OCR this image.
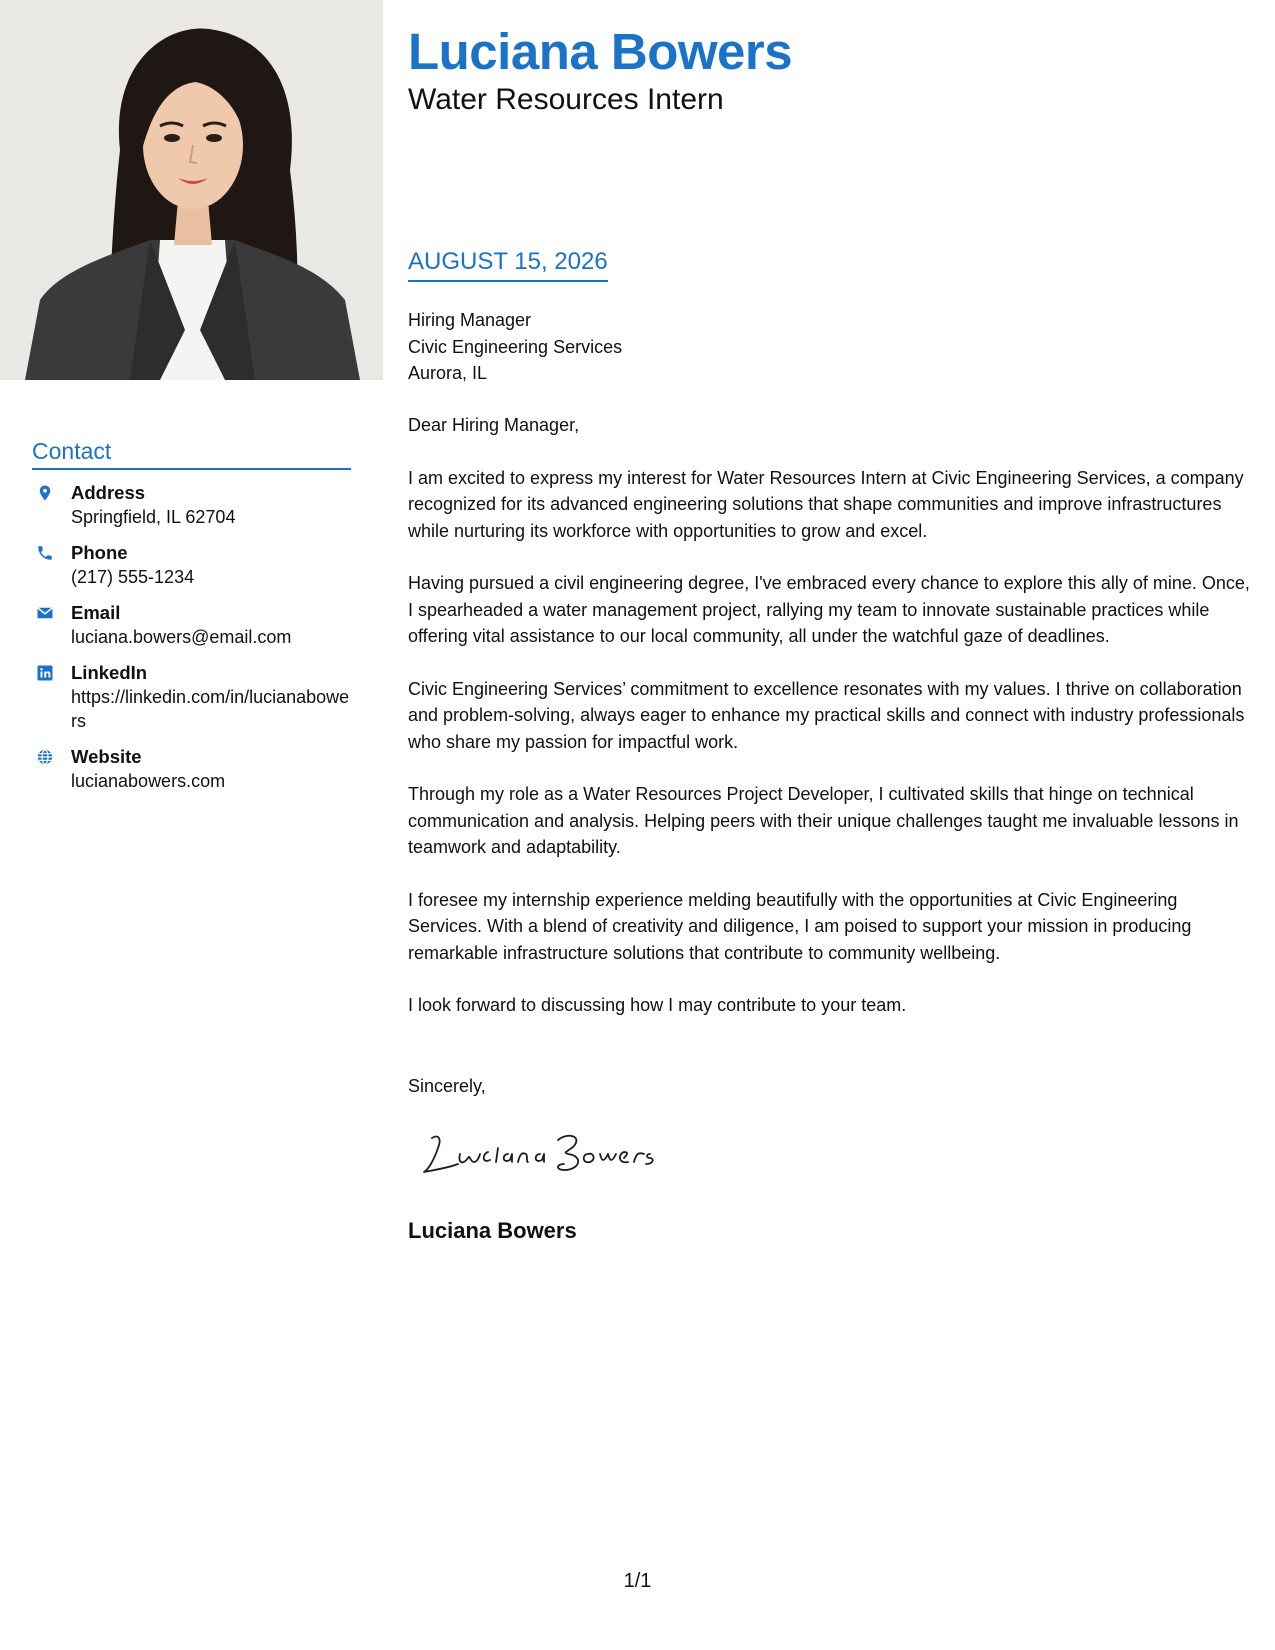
Contact
Address
Springfield, IL 62704
Phone
(217) 555-1234
Email
luciana.bowers@email.com
LinkedIn
https://linkedin.com/in/lucianabowers
Website
lucianabowers.com
Luciana Bowers
Water Resources Intern
AUGUST 15, 2026
Hiring Manager
Civic Engineering Services
Aurora, IL

Dear Hiring Manager,

I am excited to express my interest for Water Resources Intern at Civic Engineering Services, a company recognized for its advanced engineering solutions that shape communities and improve infrastructures while nurturing its workforce with opportunities to grow and excel.

Having pursued a civil engineering degree, I've embraced every chance to explore this ally of mine. Once, I spearheaded a water management project, rallying my team to innovate sustainable practices while offering vital assistance to our local community, all under the watchful gaze of deadlines.

Civic Engineering Services’ commitment to excellence resonates with my values. I thrive on collaboration and problem-solving, always eager to enhance my practical skills and connect with industry professionals who share my passion for impactful work.

Through my role as a Water Resources Project Developer, I cultivated skills that hinge on technical communication and analysis. Helping peers with their unique challenges taught me invaluable lessons in teamwork and adaptability.

I foresee my internship experience melding beautifully with the opportunities at Civic Engineering Services. With a blend of creativity and diligence, I am poised to support your mission in producing remarkable infrastructure solutions that contribute to community wellbeing.

I look forward to discussing how I may contribute to your team.

Sincerely,
Luciana Bowers
1/1
